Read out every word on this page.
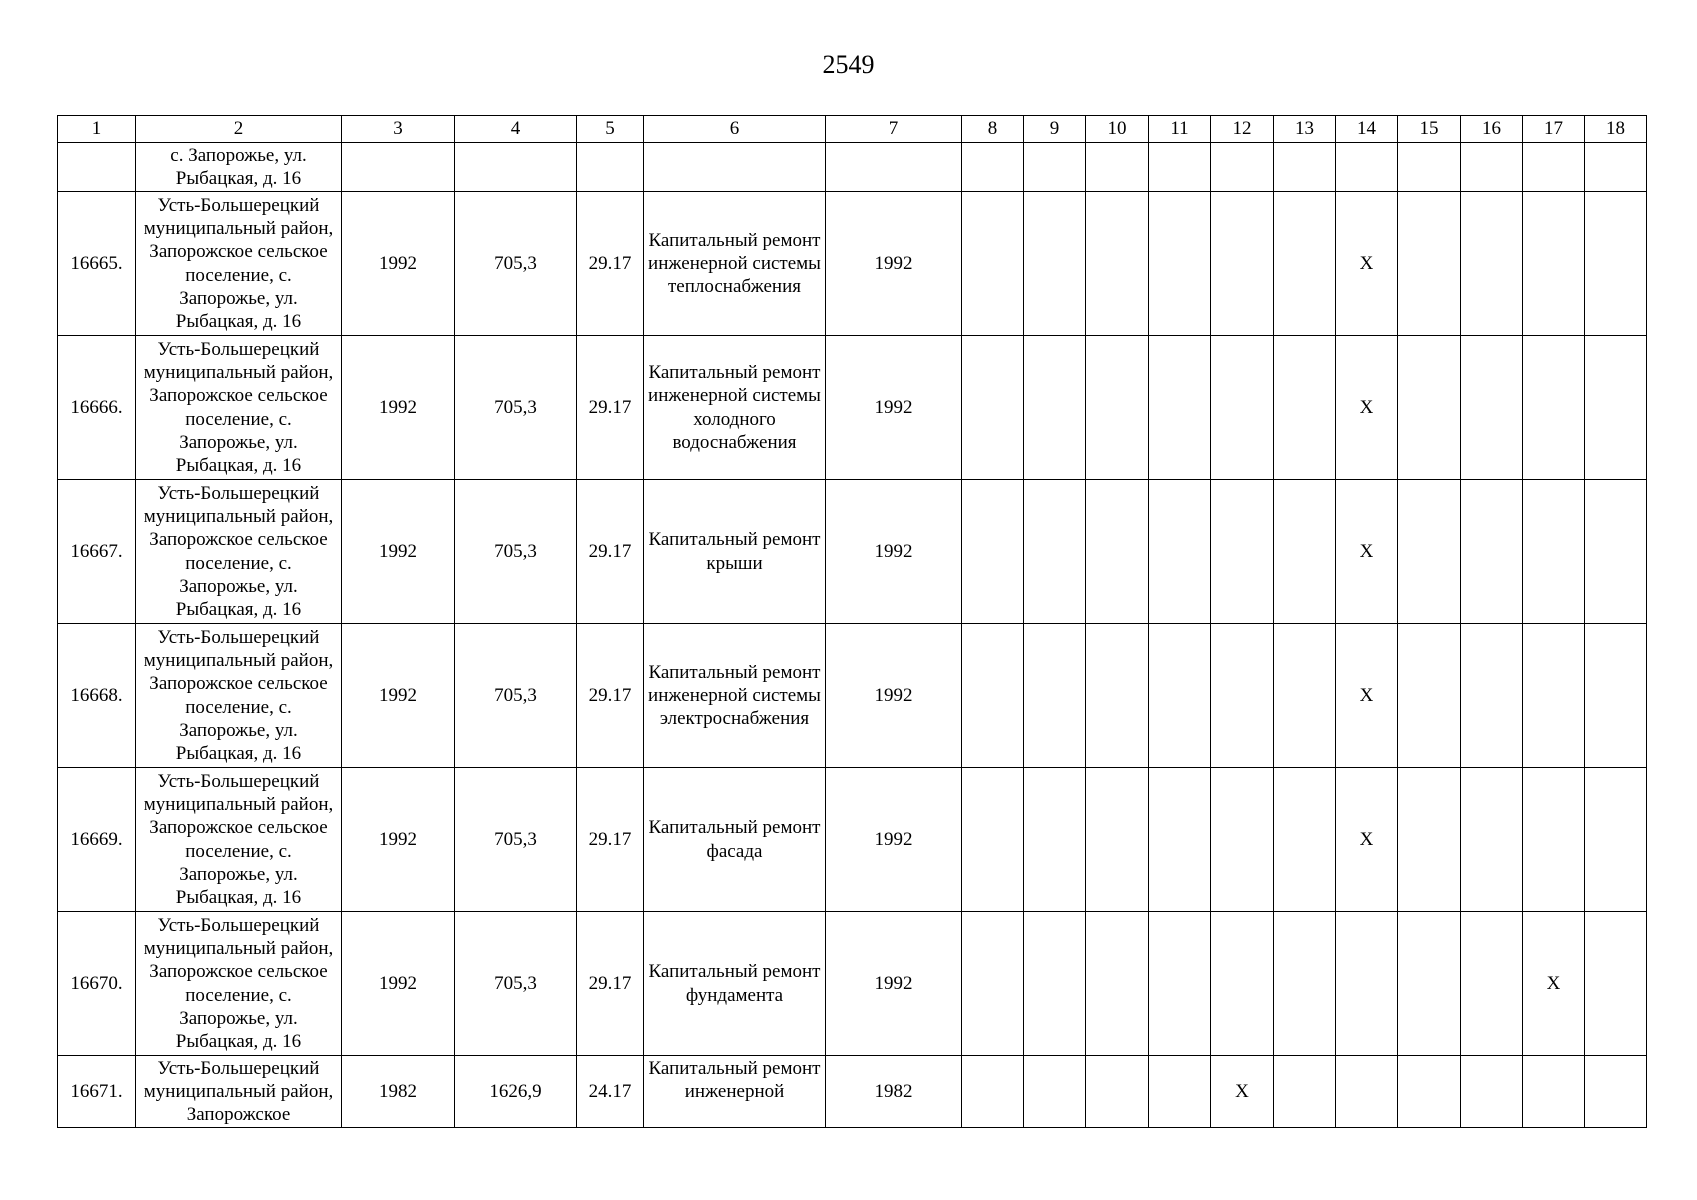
2549
1	2	3	4	5	6	7	8	9	10	11	12	13	14	15	16	17	18
	с. Запорожье, ул. Рыбацкая, д. 16																
16665.	Усть-Большерецкий муниципальный район, Запорожское сельское поселение, с. Запорожье, ул. Рыбацкая, д. 16	1992	705,3	29.17	Капитальный ремонт инженерной системы теплоснабжения	1992							Х				
16666.	Усть-Большерецкий муниципальный район, Запорожское сельское поселение, с. Запорожье, ул. Рыбацкая, д. 16	1992	705,3	29.17	Капитальный ремонт инженерной системы холодного водоснабжения	1992							Х				
16667.	Усть-Большерецкий муниципальный район, Запорожское сельское поселение, с. Запорожье, ул. Рыбацкая, д. 16	1992	705,3	29.17	Капитальный ремонт крыши	1992							Х				
16668.	Усть-Большерецкий муниципальный район, Запорожское сельское поселение, с. Запорожье, ул. Рыбацкая, д. 16	1992	705,3	29.17	Капитальный ремонт инженерной системы электроснабжения	1992							Х				
16669.	Усть-Большерецкий муниципальный район, Запорожское сельское поселение, с. Запорожье, ул. Рыбацкая, д. 16	1992	705,3	29.17	Капитальный ремонт фасада	1992							Х				
16670.	Усть-Большерецкий муниципальный район, Запорожское сельское поселение, с. Запорожье, ул. Рыбацкая, д. 16	1992	705,3	29.17	Капитальный ремонт фундамента	1992										Х	
16671.	Усть-Большерецкий муниципальный район, Запорожское	1982	1626,9	24.17	Капитальный ремонт инженерной	1982					Х						
